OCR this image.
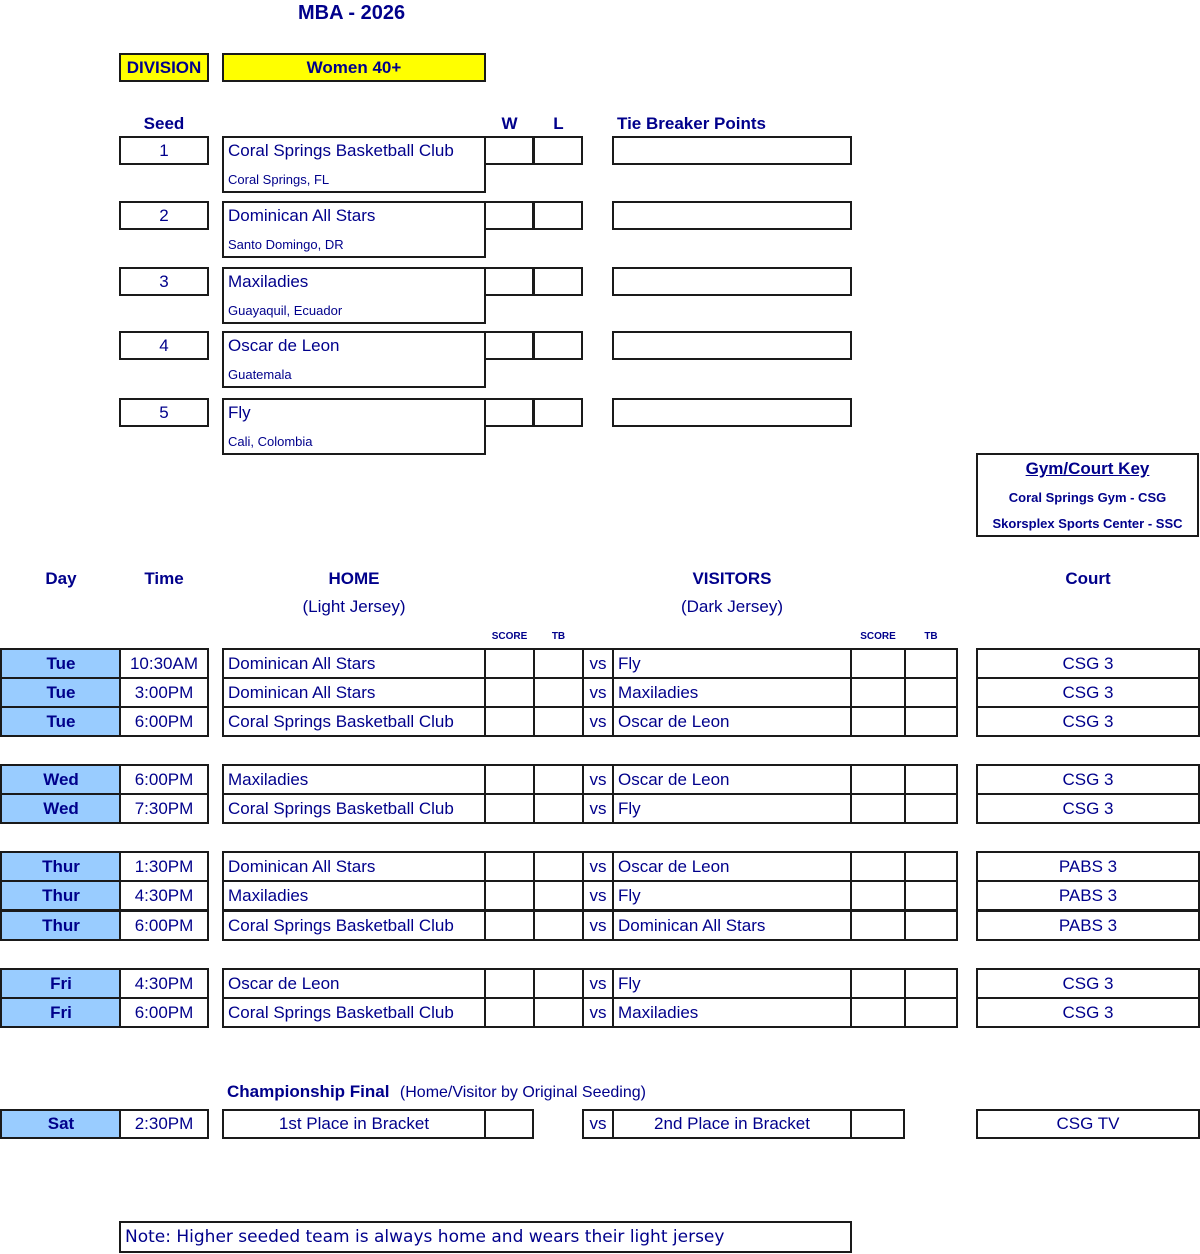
MBA - 2026
DIVISION	Women 40+
Seed	W	L	Tie Breaker Points
1	Coral Springs Basketball Club
Coral Springs, FL
2	Dominican All Stars
Santo Domingo, DR
3	Maxiladies
Guayaquil, Ecuador
4	Oscar de Leon
Guatemala
5	Fly
Cali, Colombia
Gym/Court Key
Coral Springs Gym - CSG
Skorsplex Sports Center - SSC
Day	Time	HOME
(Light Jersey)
VISITORS
(Dark Jersey)
Court
SCORE	TB	SCORE	TB
Tue	10:30AM	Dominican All Stars	vs Fly	CSG 3
Tue	3:00PM	Dominican All Stars	vs Maxiladies	CSG 3
Tue	6:00PM	Coral Springs Basketball Club	vs Oscar de Leon	CSG 3
Wed	6:00PM	Maxiladies	vs Oscar de Leon	CSG 3
Wed	7:30PM	Coral Springs Basketball Club	vs Fly	CSG 3
Thur	1:30PM	Dominican All Stars	vs Oscar de Leon	PABS 3
Thur	4:30PM	Maxiladies	vs Fly	PABS 3
Thur	6:00PM	Coral Springs Basketball Club	vs Dominican All Stars	PABS 3
Fri	4:30PM	Oscar de Leon	vs Fly	CSG 3
Fri	6:00PM	Coral Springs Basketball Club	vs Maxiladies	CSG 3
Championship Final (Home/Visitor by Original Seeding)
Sat	2:30PM	1st Place in Bracket	vs	2nd Place in Bracket	CSG TV
Note: Higher seeded team is always home and wears their light jersey
